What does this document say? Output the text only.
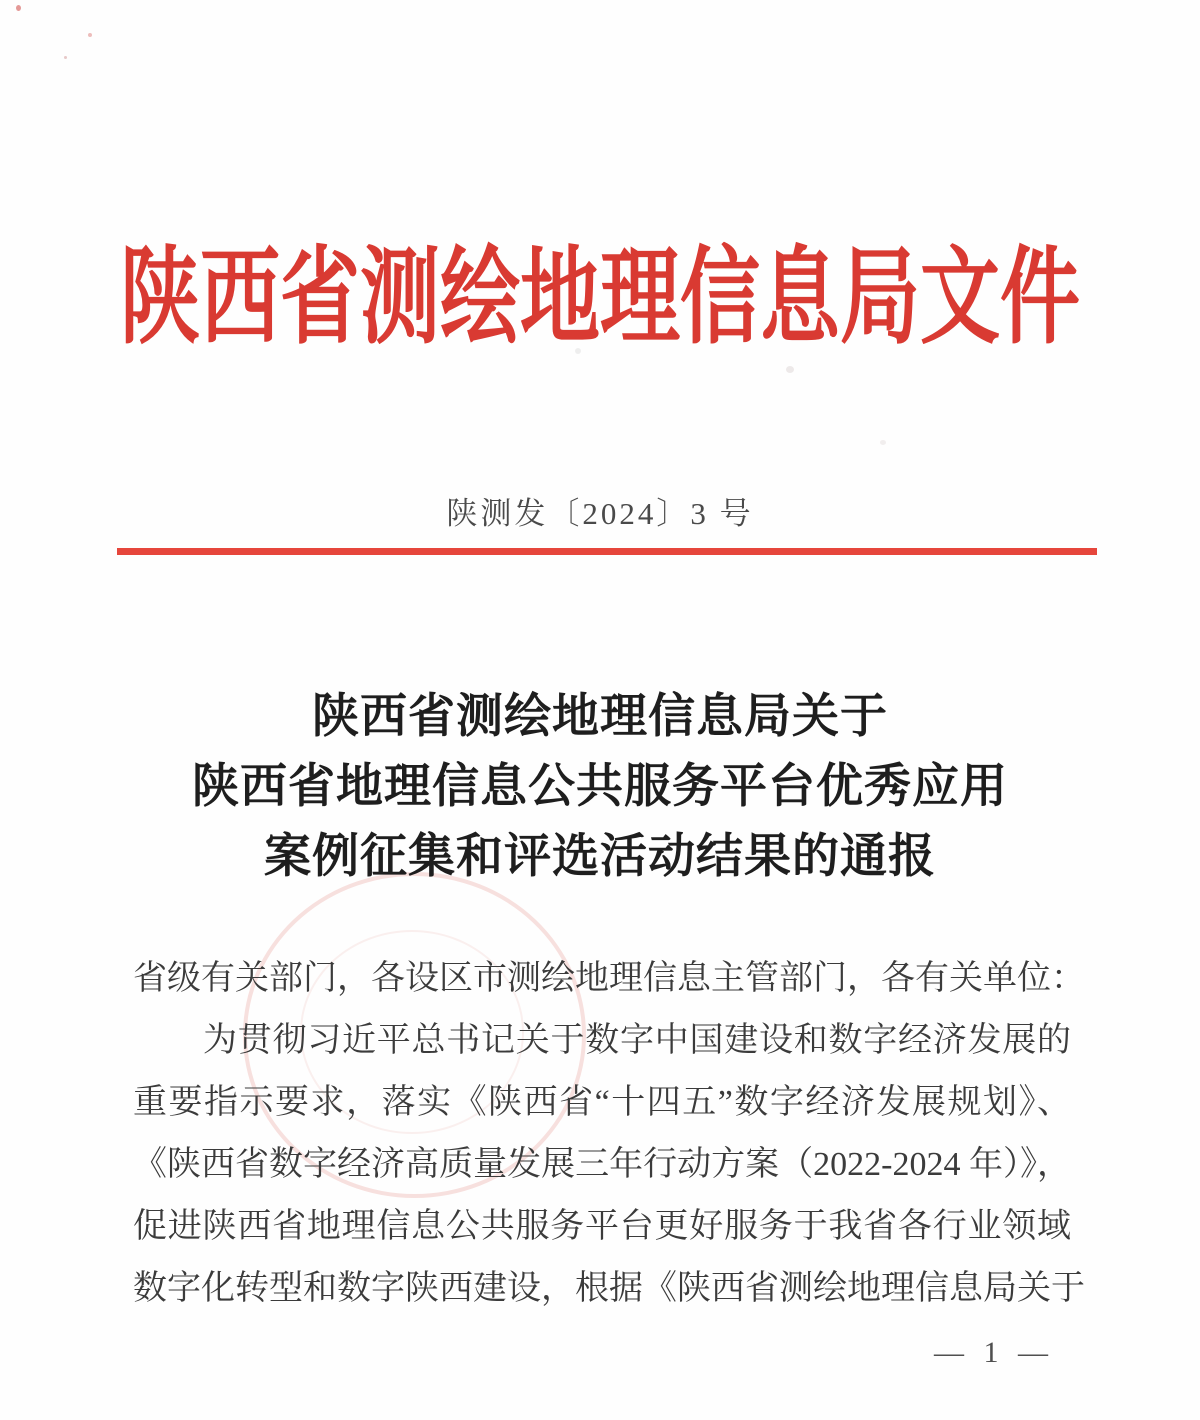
陕西省测绘地理信息局文件
陕测发〔2024〕3 号
陕西省测绘地理信息局关于
陕西省地理信息公共服务平台优秀应用
案例征集和评选活动结果的通报
省级有关部门，各设区市测绘地理信息主管部门，各有关单位：
为贯彻习近平总书记关于数字中国建设和数字经济发展的
重要指示要求，落实《陕西省“十四五”数字经济发展规划》、
《陕西省数字经济高质量发展三年行动方案（2022-2024 年）》，
促进陕西省地理信息公共服务平台更好服务于我省各行业领域
数字化转型和数字陕西建设，根据《陕西省测绘地理信息局关于
— 1 —
